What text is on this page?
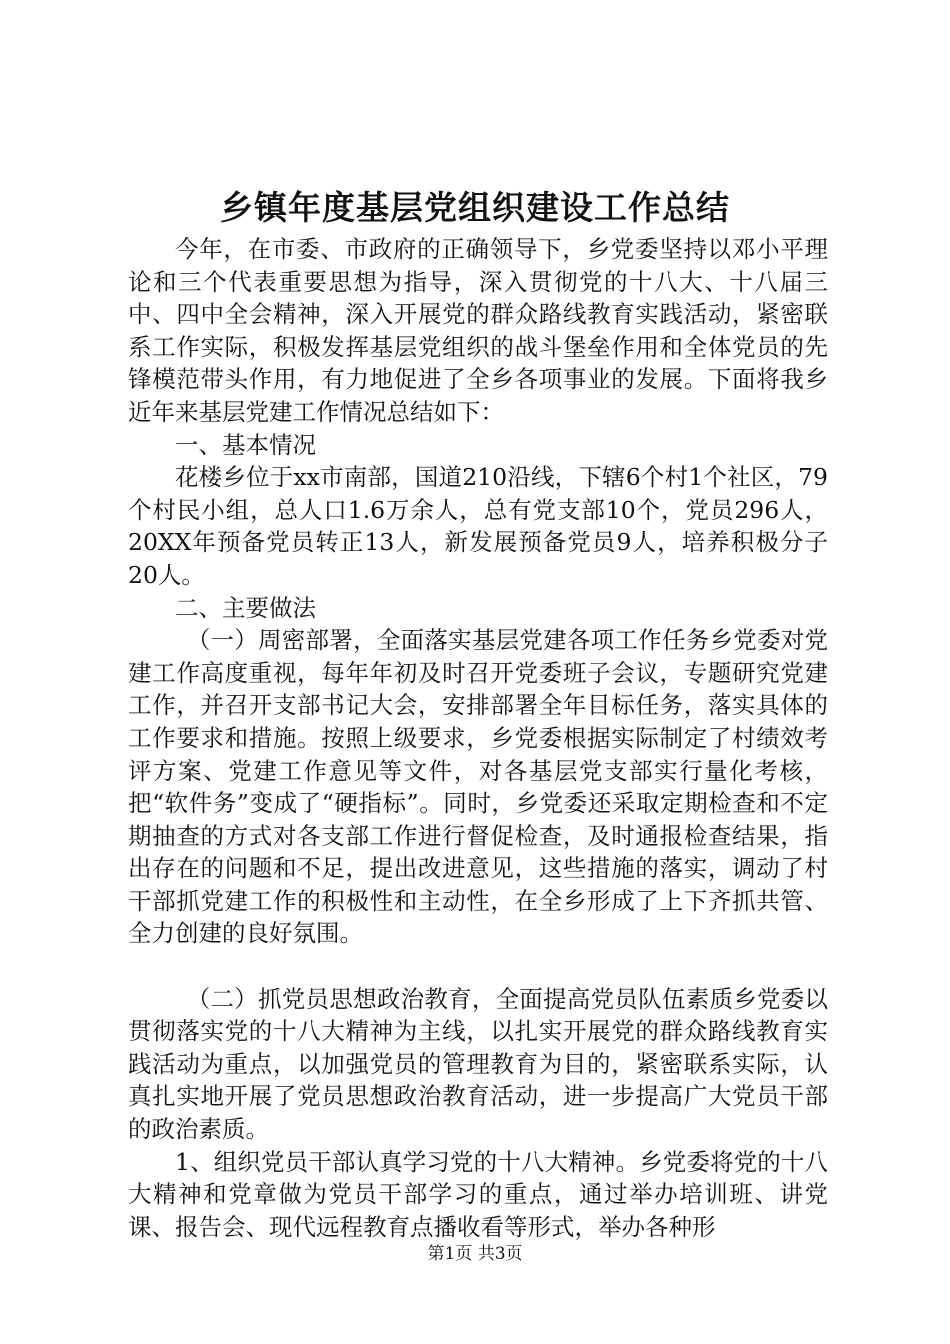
乡镇年度基层党组织建设工作总结

今年，在市委、市政府的正确领导下，乡党委坚持以邓小平理论和三个代表重要思想为指导，深入贯彻党的十八大、十八届三中、四中全会精神，深入开展党的群众路线教育实践活动，紧密联系工作实际，积极发挥基层党组织的战斗堡垒作用和全体党员的先锋模范带头作用，有力地促进了全乡各项事业的发展。下面将我乡近年来基层党建工作情况总结如下：

一、基本情况

花楼乡位于xx市南部，国道210沿线，下辖6个村1个社区，79个村民小组，总人口1.6万余人，总有党支部10个，党员296人，20XX年预备党员转正13人，新发展预备党员9人，培养积极分子20人。

二、主要做法

（一）周密部署，全面落实基层党建各项工作任务乡党委对党建工作高度重视，每年年初及时召开党委班子会议，专题研究党建工作，并召开支部书记大会，安排部署全年目标任务，落实具体的工作要求和措施。按照上级要求，乡党委根据实际制定了村绩效考评方案、党建工作意见等文件，对各基层党支部实行量化考核，把“软件务”变成了“硬指标”。同时，乡党委还采取定期检查和不定期抽查的方式对各支部工作进行督促检查，及时通报检查结果，指出存在的问题和不足，提出改进意见，这些措施的落实，调动了村干部抓党建工作的积极性和主动性，在全乡形成了上下齐抓共管、全力创建的良好氛围。

（二）抓党员思想政治教育，全面提高党员队伍素质乡党委以贯彻落实党的十八大精神为主线，以扎实开展党的群众路线教育实践活动为重点，以加强党员的管理教育为目的，紧密联系实际，认真扎实地开展了党员思想政治教育活动，进一步提高广大党员干部的政治素质。

1、组织党员干部认真学习党的十八大精神。乡党委将党的十八大精神和党章做为党员干部学习的重点，通过举办培训班、讲党课、报告会、现代远程教育点播收看等形式，举办各种形

第1页 共3页
